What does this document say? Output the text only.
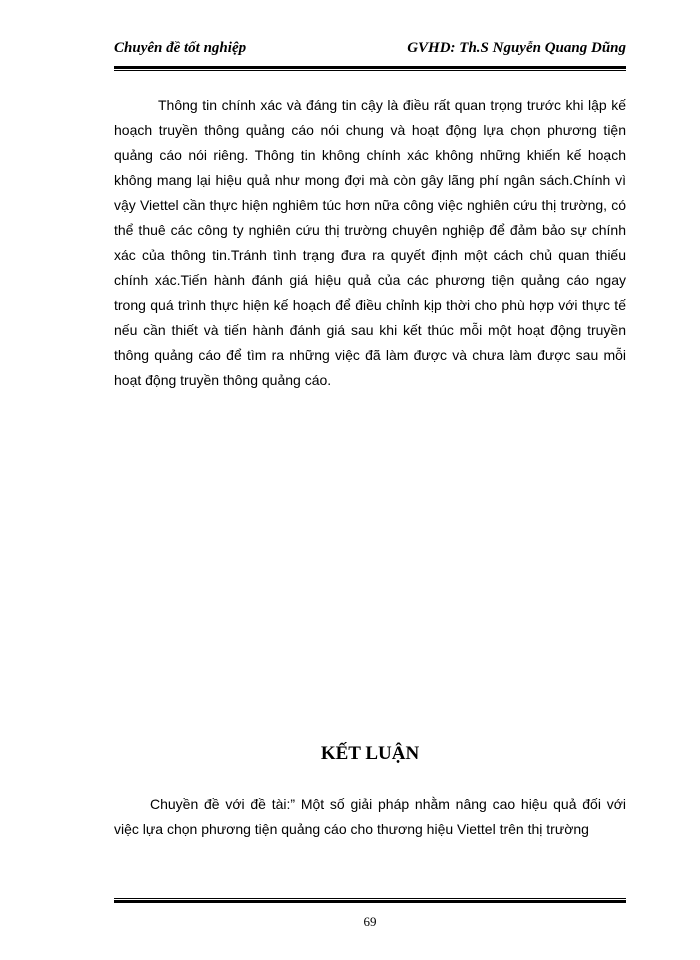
Chuyên đề tốt nghiệp	GVHD: Th.S Nguyễn Quang Dũng

Thông tin chính xác và đáng tin cậy là điều rất quan trọng trước khi lập kế hoạch truyền thông quảng cáo nói chung và hoạt động lựa chọn phương tiện quảng cáo nói riêng. Thông tin không chính xác không những khiến kế hoạch không mang lại hiệu quả như mong đợi mà còn gây lãng phí ngân sách.Chính vì vậy Viettel cần thực hiện nghiêm túc hơn nữa công việc nghiên cứu thị trường, có thể thuê các công ty nghiên cứu thị trường chuyên nghiệp để đảm bảo sự chính xác của thông tin.Tránh tình trạng đưa ra quyết định một cách chủ quan thiếu chính xác.Tiến hành đánh giá hiệu quả của các phương tiện quảng cáo ngay trong quá trình thực hiện kế hoạch để điều chỉnh kịp thời cho phù hợp với thực tế nếu cần thiết và tiến hành đánh giá sau khi kết thúc mỗi một hoạt động truyền thông quảng cáo để tìm ra những việc đã làm được và chưa làm được sau mỗi hoạt động truyền thông quảng cáo.

KẾT LUẬN

Chuyền đề với đề tài:” Một số giải pháp nhằm nâng cao hiệu quả đối với việc lựa chọn phương tiện quảng cáo cho thương hiệu Viettel trên thị trường

69
